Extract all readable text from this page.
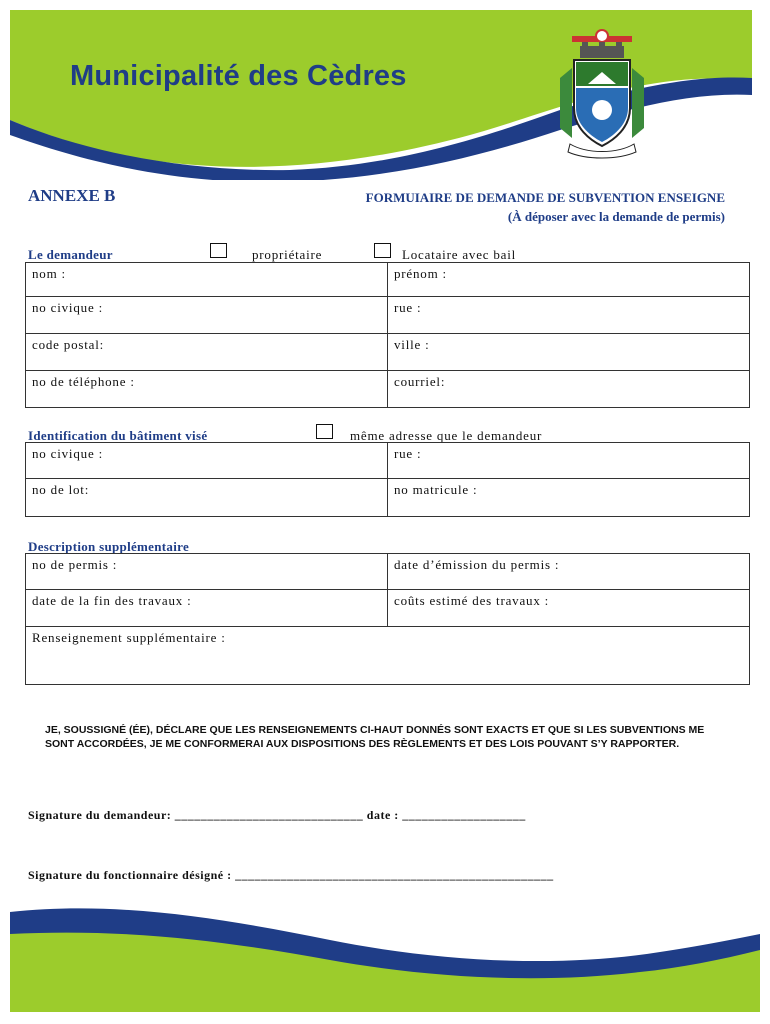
Municipalité des Cèdres
ANNEXE B	FORMUIAIRE DE DEMANDE DE SUBVENTION ENSEIGNE
(À déposer avec la demande de permis)
Le demandeur	propriétaire	Locataire avec bail
nom :	prénom :
no civique :	rue :
code postal:	ville :
no de téléphone :	courriel:
Identification du bâtiment visé	même adresse que le demandeur
no civique :	rue :
no de lot:	no matricule :
Description supplémentaire
no de permis :	date d’émission du permis :
date de la fin des travaux :	coûts estimé des travaux :
Renseignement supplémentaire :	
JE, SOUSSIGNÉ (ÉE), DÉCLARE QUE LES RENSEIGNEMENTS CI-HAUT DONNÉS SONT EXACTS ET QUE SI LES SUBVENTIONS ME SONT ACCORDÉES, JE ME CONFORMERAI AUX DISPOSITIONS DES RÈGLEMENTS ET DES LOIS POUVANT S’Y RAPPORTER.
Signature du demandeur: _____________________________ date : ___________________
Signature du fonctionnaire désigné : _________________________________________________
